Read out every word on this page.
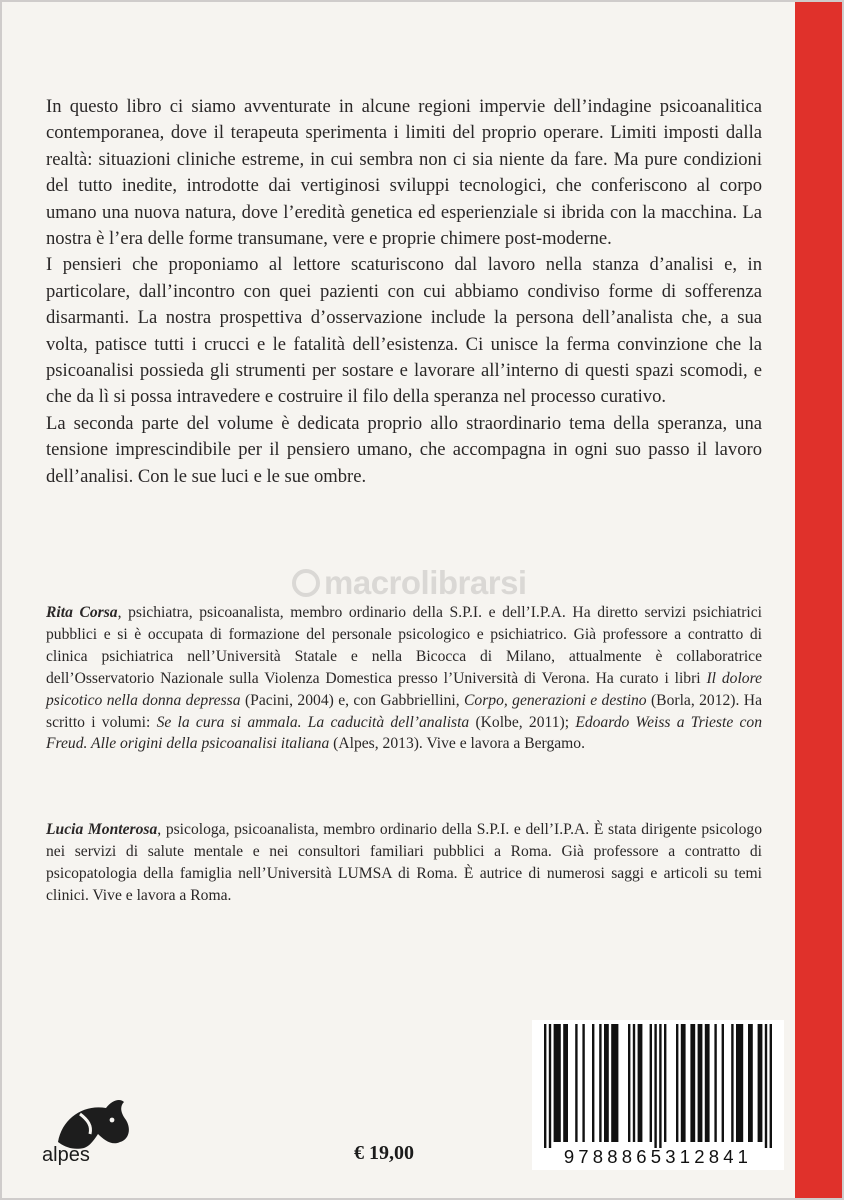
In questo libro ci siamo avventurate in alcune regioni impervie dell’indagine psicoanalitica contemporanea, dove il terapeuta sperimenta i limiti del proprio operare. Limiti imposti dalla realtà: situazioni cliniche estreme, in cui sembra non ci sia niente da fare. Ma pure condizioni del tutto inedite, introdotte dai vertiginosi sviluppi tecnologici, che conferiscono al corpo umano una nuova natura, dove l’eredità genetica ed esperienziale si ibrida con la macchina. La nostra è l’era delle forme transumane, vere e proprie chimere post-moderne.

I pensieri che proponiamo al lettore scaturiscono dal lavoro nella stanza d’analisi e, in particolare, dall’incontro con quei pazienti con cui abbiamo condiviso forme di sofferenza disarmanti. La nostra prospettiva d’osservazione include la persona dell’analista che, a sua volta, patisce tutti i crucci e le fatalità dell’esistenza. Ci unisce la ferma convinzione che la psicoanalisi possieda gli strumenti per sostare e lavorare all’interno di questi spazi scomodi, e che da lì si possa intravedere e costruire il filo della speranza nel processo curativo.

La seconda parte del volume è dedicata proprio allo straordinario tema della speranza, una tensione imprescindibile per il pensiero umano, che accompagna in ogni suo passo il lavoro dell’analisi. Con le sue luci e le sue ombre.

macrolibrarsi
Rita Corsa, psichiatra, psicoanalista, membro ordinario della S.P.I. e dell’I.P.A. Ha diretto servizi psichiatrici pubblici e si è occupata di formazione del personale psicologico e psichiatrico. Già professore a contratto di clinica psichiatrica nell’Università Statale e nella Bicocca di Milano, attualmente è collaboratrice dell’Osservatorio Nazionale sulla Violenza Domestica presso l’Università di Verona. Ha curato i libri Il dolore psicotico nella donna depressa (Pacini, 2004) e, con Gabbriellini, Corpo, generazioni e destino (Borla, 2012). Ha scritto i volumi: Se la cura si ammala. La caducità dell’analista (Kolbe, 2011); Edoardo Weiss a Trieste con Freud. Alle origini della psicoanalisi italiana (Alpes, 2013). Vive e lavora a Bergamo.
Lucia Monterosa, psicologa, psicoanalista, membro ordinario della S.P.I. e dell’I.P.A. È stata dirigente psicologo nei servizi di salute mentale e nei consultori familiari pubblici a Roma. Già professore a contratto di psicopatologia della famiglia nell’Università LUMSA di Roma. È autrice di numerosi saggi e articoli su temi clinici. Vive e lavora a Roma.
alpes	€ 19,00	9788865312841
